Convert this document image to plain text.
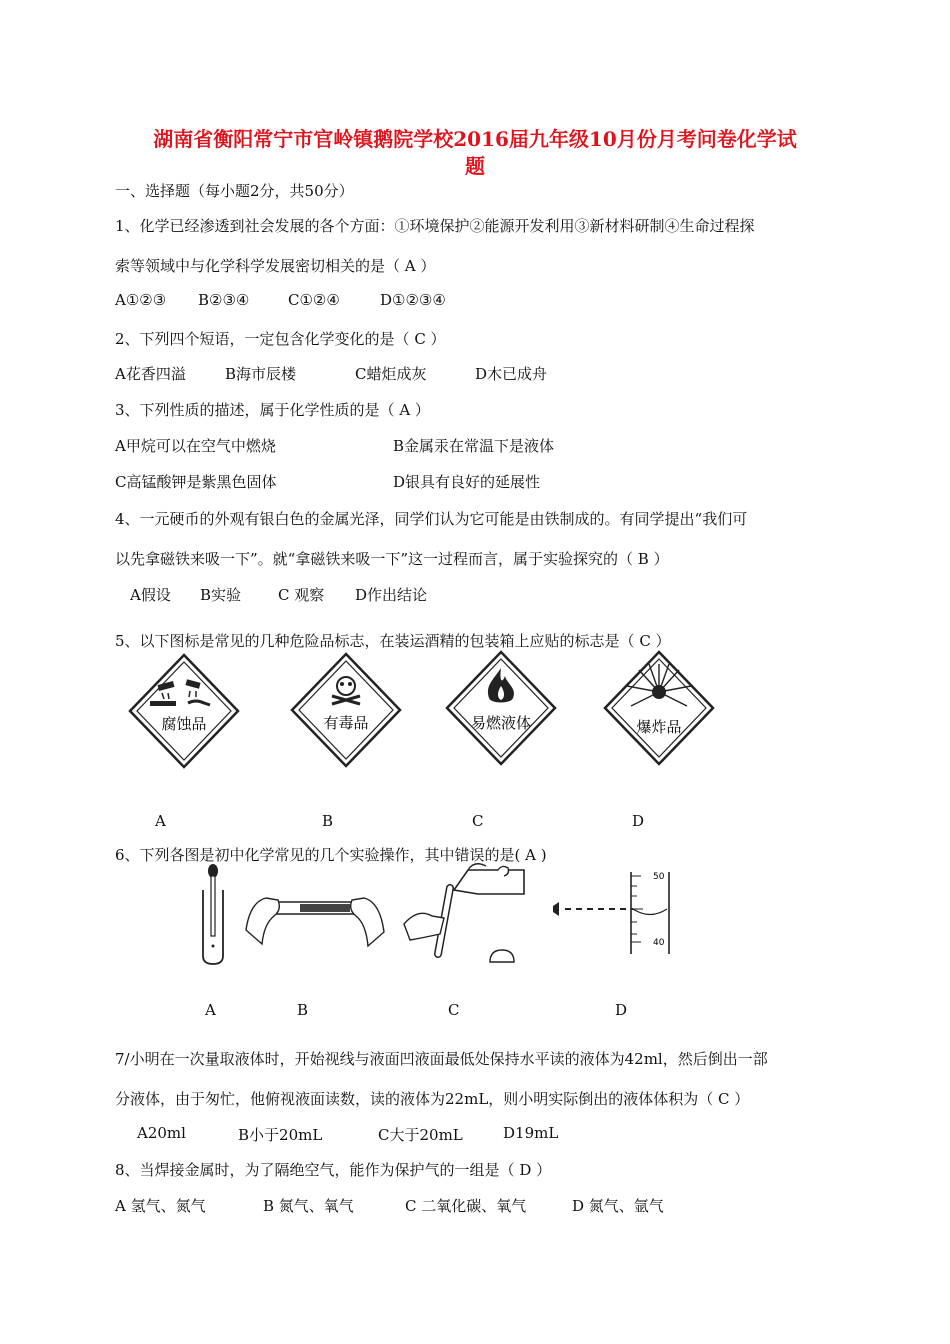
湖南省衡阳常宁市官岭镇鹅院学校2016届九年级10月份月考问卷化学试
题
一、选择题（每小题2分，共50分）
1、化学已经渗透到社会发展的各个方面：①环境保护②能源开发利用③新材料研制④生命过程探
索等领域中与化学科学发展密切相关的是（ A ）
A①②③ B②③④	C①②④	D①②③④
2、下列四个短语，一定包含化学变化的是（ C ）
A花香四溢	B海市辰楼	C蜡炬成灰	D木已成舟
3、下列性质的描述，属于化学性质的是（ A ）
A甲烷可以在空气中燃烧	B金属汞在常温下是液体
C高锰酸钾是紫黑色固体	D银具有良好的延展性
4、一元硬币的外观有银白色的金属光泽，同学们认为它可能是由铁制成的。有同学提出“我们可
以先拿磁铁来吸一下”。就“拿磁铁来吸一下”这一过程而言，属于实验探究的（ B ）
A假设 B实验 C 观察 D作出结论
5、以下图标是常见的几种危险品标志，在装运酒精的包装箱上应贴的标志是（ C ）
腐蚀品	有毒品	易燃液体	爆炸品
A	B	C	D
6、下列各图是初中化学常见的几个实验操作，其中错误的是( A )
50
40
A	B	C	D
7/小明在一次量取液体时，开始视线与液面凹液面最低处保持水平读的液体为42ml，然后倒出一部
分液体，由于匆忙，他俯视液面读数，读的液体为22mL，则小明实际倒出的液体体积为（ C ）
A20ml	B小于20mL	C大于20mL	D19mL
8、当焊接金属时，为了隔绝空气，能作为保护气的一组是（ D ）
A 氢气、氮气	B 氮气、氧气	C 二氧化碳、氧气	D 氮气、氩气
